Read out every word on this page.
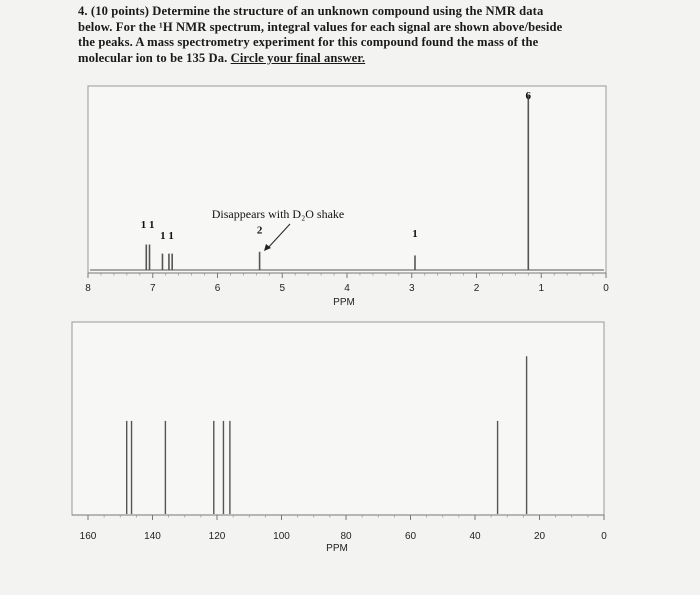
4. (10 points) Determine the structure of an unknown compound using the NMR data
below. For the ¹H NMR spectrum, integral values for each signal are shown above/beside
the peaks. A mass spectrometry experiment for this compound found the mass of the
molecular ion to be 135 Da. Circle your final answer.
8	7	6	5	4	3	2	1	0
PPM
1 1
1 1	2	1
6
Disappears with D₂O shake
160	140	120	100	80	60	40	20	0
PPM
